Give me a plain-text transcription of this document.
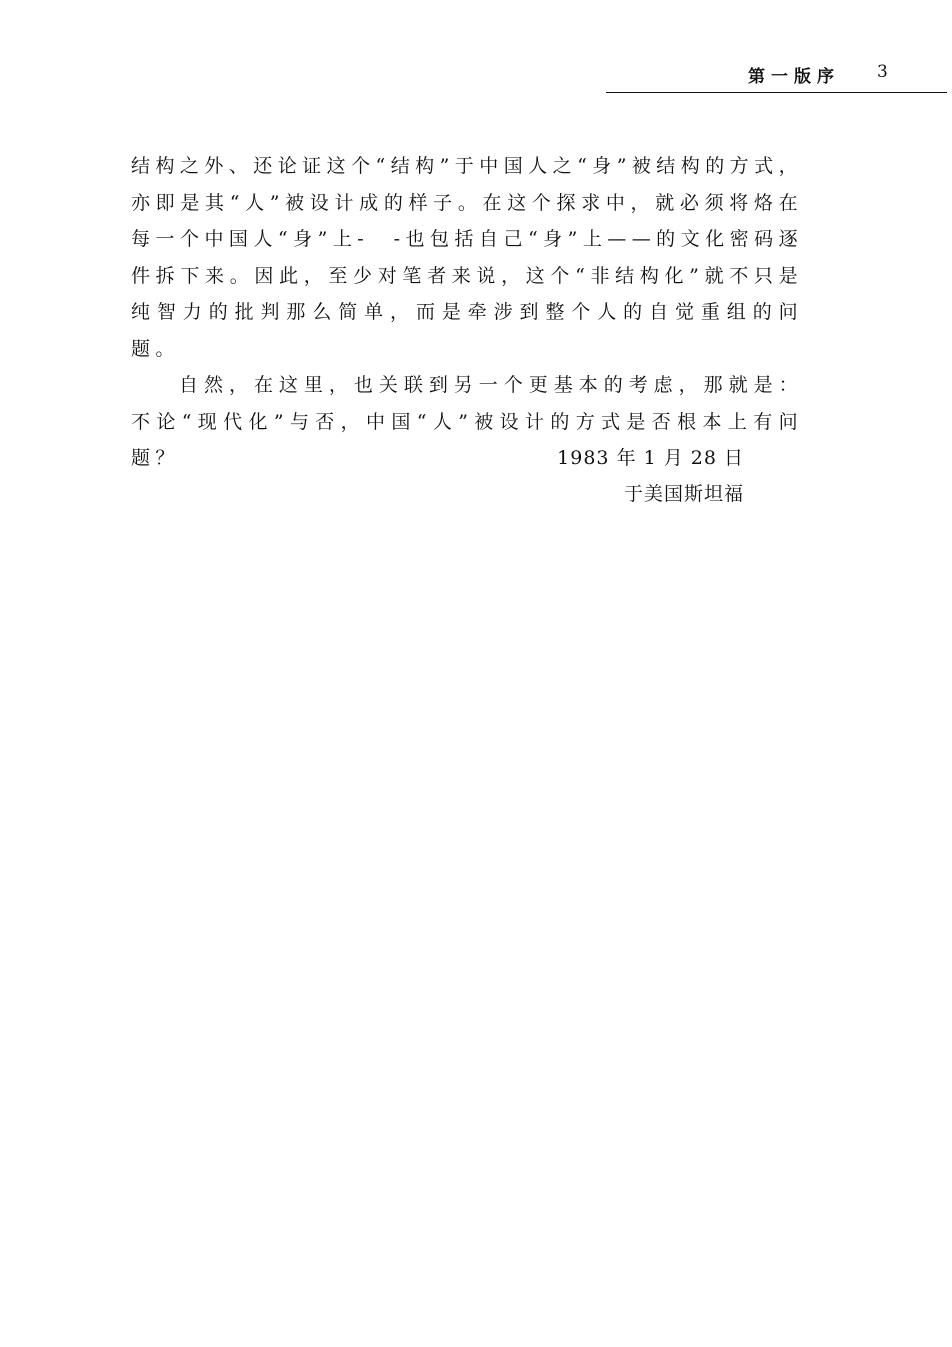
第一版序 3

结构之外、还论证这个“结构”于中国人之“身”被结构的方式，亦即是其“人”被设计成的样子。在这个探求中，就必须将烙在每一个中国人“身”上-　-也包括自己“身”上——的文化密码逐件拆下来。因此，至少对笔者来说，这个“非结构化”就不只是纯智力的批判那么简单，而是牵涉到整个人的自觉重组的问题。

自然，在这里，也关联到另一个更基本的考虑，那就是：不论“现代化”与否，中国“人”被设计的方式是否根本上有问题？	1983 年 1 月 28 日
于美国斯坦福
